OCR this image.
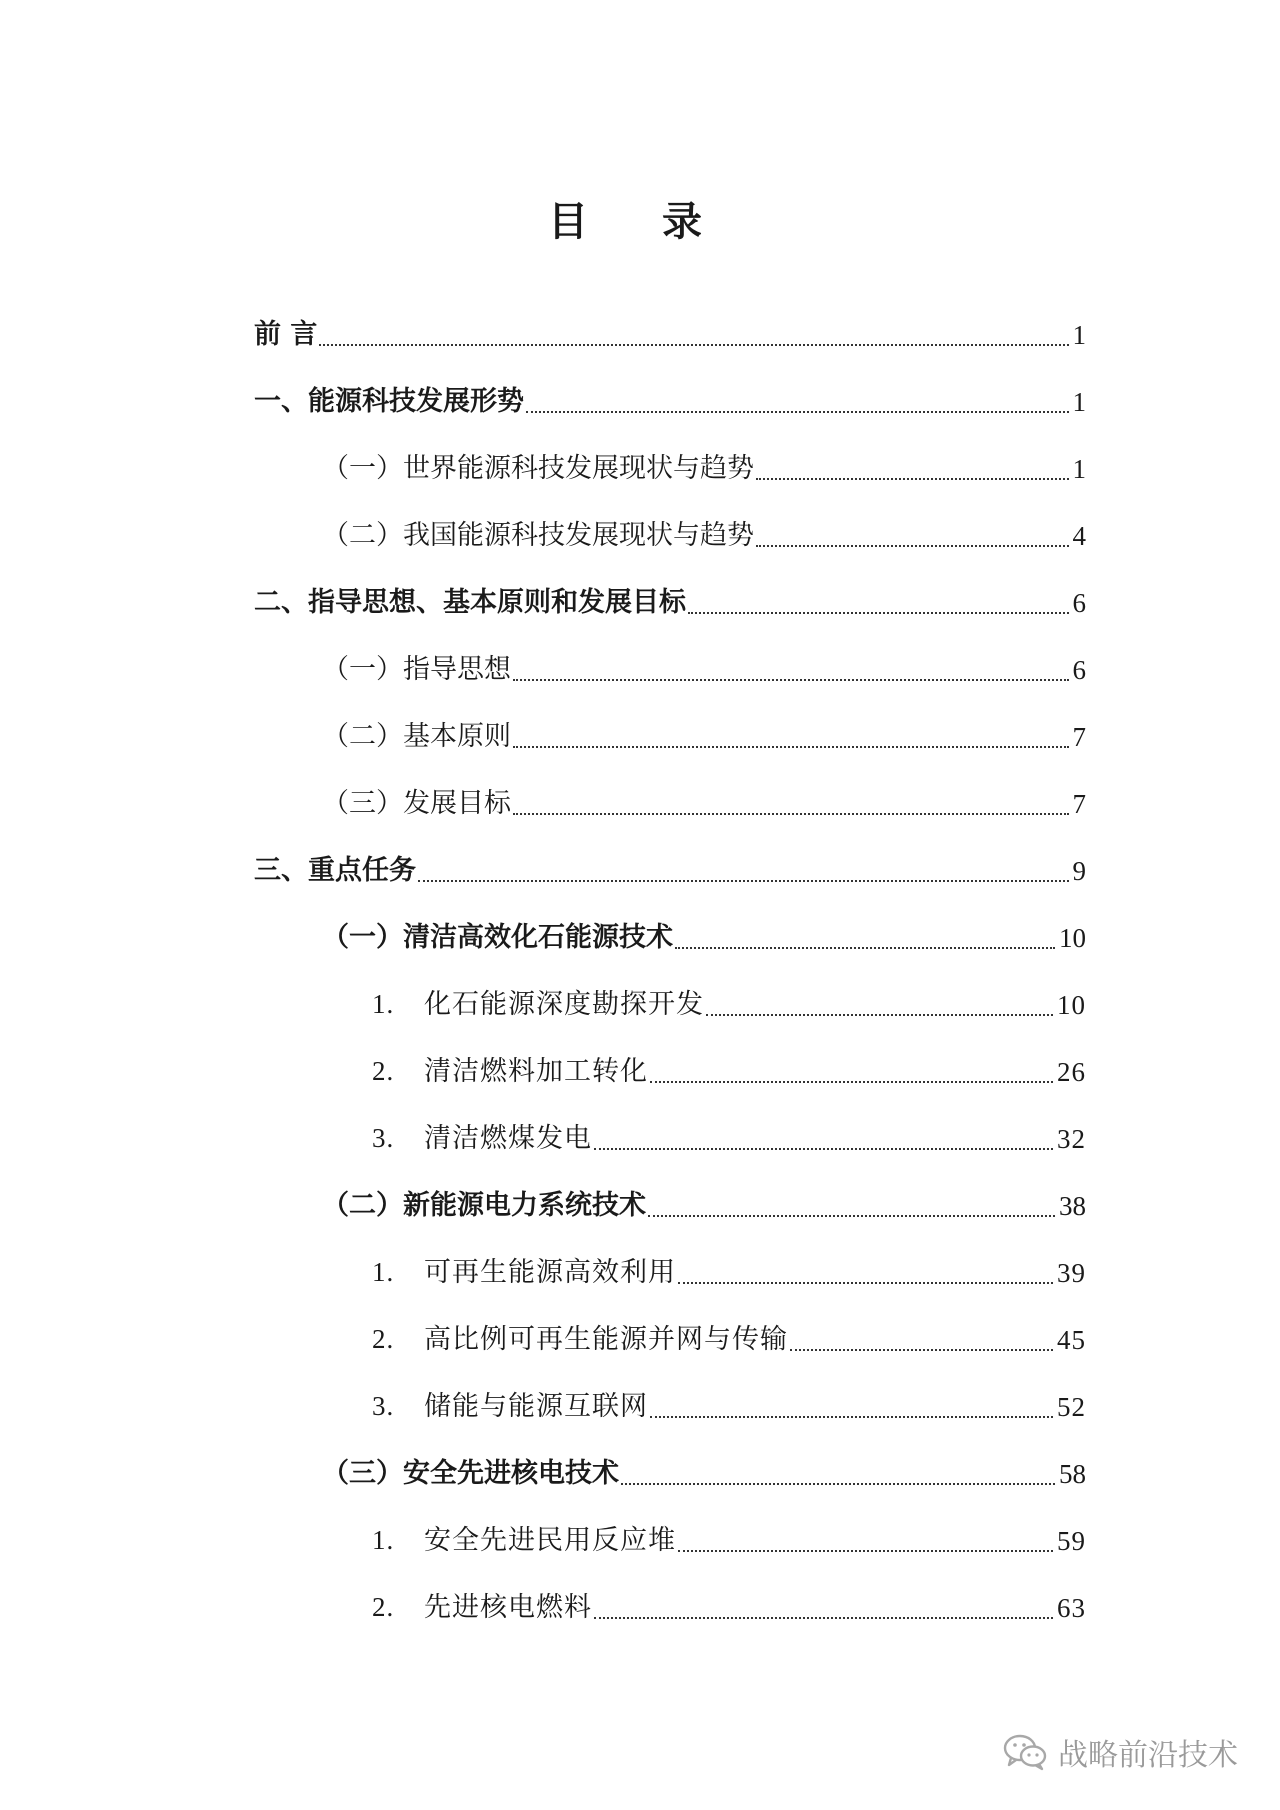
目 录
前 言	1
一、能源科技发展形势	1
（一）世界能源科技发展现状与趋势	1
（二）我国能源科技发展现状与趋势	4
二、指导思想、基本原则和发展目标	6
（一）指导思想	6
（二）基本原则	7
（三）发展目标	7
三、重点任务	9
（一）清洁高效化石能源技术	10
1. 化石能源深度勘探开发	10
2. 清洁燃料加工转化	26
3. 清洁燃煤发电	32
（二）新能源电力系统技术	38
1. 可再生能源高效利用	39
2. 高比例可再生能源并网与传输	45
3. 储能与能源互联网	52
（三）安全先进核电技术	58
1. 安全先进民用反应堆	59
2. 先进核电燃料	63
战略前沿技术
